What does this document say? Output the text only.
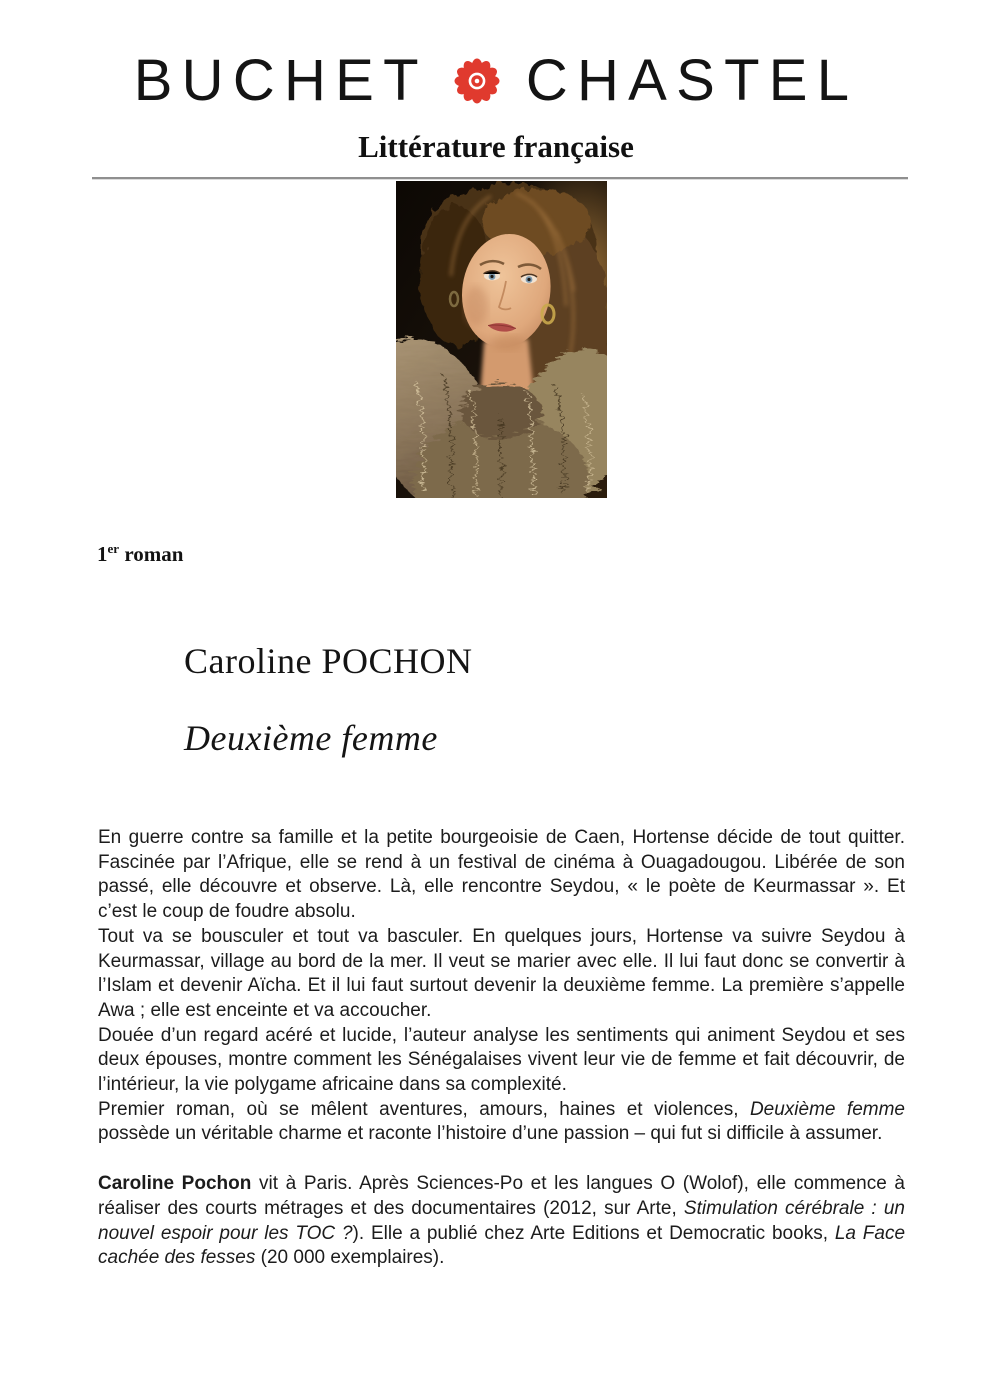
BUCHET CHASTEL
Littérature française
1er roman
Caroline POCHON
Deuxième femme

En guerre contre sa famille et la petite bourgeoisie de Caen, Hortense décide de tout quitter. Fascinée par l’Afrique, elle se rend à un festival de cinéma à Ouagadougou. Libérée de son passé, elle découvre et observe. Là, elle rencontre Seydou, « le poète de Keurmassar ». Et c’est le coup de foudre absolu.

Tout va se bousculer et tout va basculer. En quelques jours, Hortense va suivre Seydou à Keurmassar, village au bord de la mer. Il veut se marier avec elle. Il lui faut donc se convertir à l’Islam et devenir Aïcha. Et il lui faut surtout devenir la deuxième femme. La première s’appelle Awa ; elle est enceinte et va accoucher.

Douée d’un regard acéré et lucide, l’auteur analyse les sentiments qui animent Seydou et ses deux épouses, montre comment les Sénégalaises vivent leur vie de femme et fait découvrir, de l’intérieur, la vie polygame africaine dans sa complexité.

Premier roman, où se mêlent aventures, amours, haines et violences, Deuxième femme possède un véritable charme et raconte l’histoire d’une passion – qui fut si difficile à assumer.

Caroline Pochon vit à Paris. Après Sciences-Po et les langues O (Wolof), elle commence à réaliser des courts métrages et des documentaires (2012, sur Arte, Stimulation cérébrale : un nouvel espoir pour les TOC ?). Elle a publié chez Arte Editions et Democratic books, La Face cachée des fesses (20 000 exemplaires).
